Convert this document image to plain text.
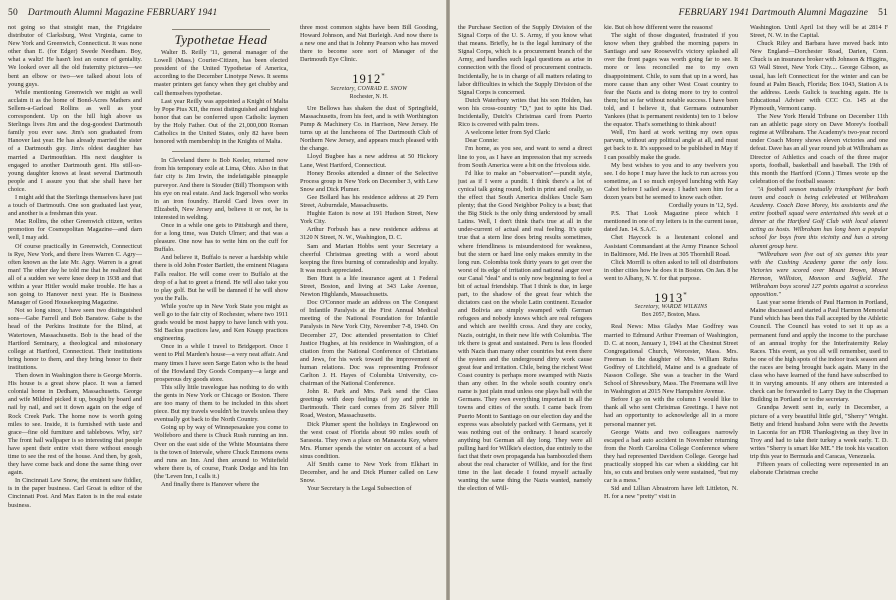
50 Dartmouth Alumni Magazine FEBRUARY 1941

not going so that straight man, the Frigidaire distributor of Clarksburg, West Virginia, came to New York and Greenwich, Connecticut. It was none other than E. (for Edger) Swede Needham. Boy, what a waltz! He hasn't lost an ounce of geniality. We looked over all the old fraternity pictures—we bent an elbow or two—we talked about lots of young guys.

While mentioning Greenwich we might as well acclaim it as the home of Bond-Acres Mathers and Sellem-a-Garload Rollins as well as your correspondent. Up on the hill high above us Sterlings lives Jim and the dog-goodest Dartmouth family you ever saw. Jim's son graduated from Hanover last year. He has already married the sister of a Dartmouth guy. Jim's oldest daughter has married a Dartmouthian. His next daughter is engaged to another Dartmouth gent. His still-so-young daughter knows at least several Dartmouth people and I assure you that she shall have her choice.

I might add that the Sterlings themselves have just a touch of Dartmouth. One son graduated last year, and another is a freshman this year.

Mac Rollins, the other Greenwich citizen, writes promotion for Cosmopolitan Magazine—and darn well, I may add.

Of course practically in Greenwich, Connecticut is Rye, New York, and there lives Warren C. Agry—often known as the late Mr. Agry. Warren is a great man! The other day he told me that he realized that all of a sudden we were knee deep in 1938 and that within a year Hitler would make trouble. He has a son going to Hanover next year. He is Business Manager of Good Housekeeping Magazine.

Not so long since, I have seen two distinguished sons—Gabe Farrell and Bob Banstow. Gabe is the head of the Perkins Institute for the Blind, at Watertown, Massachusetts. Bob is the head of the Hartford Seminary, a theological and missionary college at Hartford, Connecticut. Their institutions bring honor to them, and they bring honor to their institutions.

Then down in Washington there is George Morris. His house is a great show place. It was a famed colonial home in Dedham, Massachusetts. George and wife Mildred picked it up, bought by board and nail by nail, and set it down again on the edge of Rock Creek Park. The home now is worth going miles to see. Inside, it is furnished with taste and grace—fine old furniture and tablebows. Why, sir? The front hall wallpaper is so interesting that people have spent their entire visit there without enough time to see the rest of the house. And then, by gosh, they have come back and done the same thing over again.

In Cincinnati Lew Snow, the eminent saw fiddler, is in the paper business. Carl Groat is editor of the Cincinnati Post. And Max Eaton is in the real estate business.

Typothetae Head

Walter B. Reilly '11, general manager of the Lowell (Mass.) Courier-Citizen, has been elected president of the United Typothetae of America, according to the December Linotype News. It seems master printers get fancy when they get chubby and call themselves typothetae.

Last year Reilly was appointed a Knight of Malta by Pope Pius XII, the most distinguished and highest honor that can be conferred upon Catholic laymen by the Holy Father. Out of the 21,000,000 Roman Catholics in the United States, only 82 have been honored with membership in the Knights of Malta.

In Cleveland there is Bob Keeler, returned now from his temporary exile at Lima, Ohio. Also in that fair city is Jim Irwin, the indefatigable pineapple purveyor. And there is Stouder (Bill) Thompson with his eye on real estate. And Jack Ingersoll who works in an iron foundry. Harold Card lives over in Elizabeth, New Jersey and, believe it or not, he is interested in welding.

Once in a while one gets to Pittsburgh and there, for a long time, was Dutch Ulmer; and that was a pleasure. One now has to write him on the cuff for Buffalo.

And believe it, Buffalo is never a hardship while there is old John Foster Bartlett, the eminent Niagara Falls realtor. He will come over to Buffalo at the drop of a hat to greet a friend. He will also take you to play golf. But he will be damned if he will show you the Falls.

While you're up in New York State you might as well go to the fair city of Rochester, where two 1911 grads would be most happy to have lunch with you. Sid Backus practices law, and Ken Knapp practices engineering.

Once in a while I travel to Bridgeport. Once I went to Phil Marden's house—a very neat affair. And many times I have seen Sarge Eaton who is the head of the Howland Dry Goods Company—a large and prosperous dry goods store.

This silly little travelogue has nothing to do with the gents in New York or Chicago or Boston. There are too many of them to be included in this short piece. But my travels wouldn't be travels unless they eventually got back to the North Country.

Going up by way of Winnepesaukee you come to Wolfeboro and there is Chuck Rush running an inn. Over on the east side of the White Mountains there is the town of Intervale, where Chuck Emmons owns and runs an Inn. And then around to Whitefield where there is, of course, Frank Dodge and his Inn (the 'Leven Inn, I calls it.)

And finally there is Hanover where the

three most common sights have been Bill Gooding, Howard Johnson, and Nat Burleigh. And now there is a new one and that is Johnny Pearson who has moved there to become sore sort of Manager of the Dartmouth Eye Clinic.

1912*
Secretary, CONRAD E. SNOW
Rochester, N. H.

Ure Bellows has shaken the dust of Springfield, Massachusetts, from his feet, and is with Worthington Pump & Machinery Co. in Harrison, New Jersey. He turns up at the luncheons of The Dartmouth Club of Northern New Jersey, and appears much pleased with the change.

Lloyd Bugbee has a new address at 50 Hickory Lane, West Hartford, Connecticut.

Honey Brooks attended a dinner of the Selective Process group in New York on December 3, with Lew Snow and Dick Plumer.

Gee Bollard has his residence address at 29 Fern Street, Auburndale, Massachusetts.

Hughie Eaton is now at 191 Hudson Street, New York City.

Arthur Forbush has a new residence address at 3120 N Street, N. W., Washington, D. C.

Sam and Marian Hobbs sent your Secretary a cheerful Christmas greeting with a word about keeping the fires burning of comradeship and loyalty. It was much appreciated.

Ben Hunt is a life insurance agent at 1 Federal Street, Boston, and living at 343 Lake Avenue, Newton Highlands, Massachusetts.

Doc O'Connor made an address on The Conquest of Infantile Paralysis at the First Annual Medical meeting of the National Foundation for Infantile Paralysis in New York City, November 7-8, 1940. On December 27, Doc attended presentation to Chief Justice Hughes, at his residence in Washington, of a citation from the National Conference of Christians and Jews, for his work toward the improvement of human relations. Doc was representing Professor Carlton J. H. Hayes of Columbia University, co-chairman of the National Conference.

John R. Park and Mrs. Park send the Class greetings with deep feelings of joy and pride in Dartmouth. Their card comes from 26 Silver Hill Road, Weston, Massachusetts.

Dick Plumer spent the holidays in Englewood on the west coast of Florida about 90 miles south of Sarasota. They own a place on Manasota Key, where Mrs. Plumer spends the winter on account of a bad sinus condition.

Alf Smith came to New York from Elkhart in December, and he and Dick Plumer called on Lew Snow.

Your Secretary is the Legal Subsection of

FEBRUARY 1941 Dartmouth Alumni Magazine 51

the Purchase Section of the Supply Division of the Signal Corps of the U. S. Army, if you know what that means. Briefly, he is the legal luminary of the Signal Corps, which is a procurement branch of the Army, and handles such legal questions as arise in connection with the flood of procurement contracts. Incidentally, he is in charge of all matters relating to labor difficulties in which the Supply Division of the Signal Corps is concerned.

Dutch Waterbury writes that his son Holden, has won his cross-country "D," just to spite his Dad. Incidentally, Dutch's Christmas card from Puerto Rico is covered with palm trees.

A welcome letter from Syd Clark:

Dear Connie:

I'm home, as you see, and want to send a direct line to you, as I have an impression that my screeds from South America were a bit on the frivolous side.

I'd like to make an "observation"—pundit style, just as if I were a pundit. I think there's a lot of cynical talk going round, both in print and orally, so the effect that South America dislikes Uncle Sam plenty; that the Good Neighbor Policy is a bust; that the Big Stick is the only thing understood by small Latins. Well, I don't think that's true at all in the under-current of actual and real feeling. It's quite true that a stern line does bring results sometimes, where friendliness is misunderstood for weakness, but the stern or hard line only makes enmity in the long run. Colombia took thirty years to get over the worst of its edge of irritation and national anger over our Canal "deal" and is only now beginning to feel a bit of actual friendship. That I think is due, in large part, to the shadow of the great fear which the dictators cast on the whole Latin continent. Ecuador and Bolivia are simply swamped with German refugees and nobody knows which are real refugees and which are twelfth cross. And they are cocky, Nazis, outright, in their new life with Columbia. The irk there is great and sustained. Peru is less flooded with Nazis than many other countries but even there the system and the underground dirty work cause great fear and irritation. Chile, being the richest West Coast country is perhaps more swamped with Nazis than any other. In the whole south country one's name is just plain mud unless one plays ball with the Germans. They own everything important in all the towns and cities of the south. I came back from Puerto Montt to Santiago on our election day and the express was absolutely packed with Germans, yet it was nothing out of the ordinary. I heard scarcely anything but German all day long. They were all pulling hard for Willkie's election, due entirely to the fact that their own propaganda has bamboozled them about the real character of Willkie, and for the first time in the last decade I found myself actually wanting the same thing the Nazis wanted, namely the election of Will-

kie. But oh how different were the reasons!

The sight of those disgusted, frustrated if you know when they grabbed the morning papers in Santiago and saw Roosevelt's victory splashed all over the front pages was worth going far to see. It more or less reconciled me to my own disappointment. Chile, to sum that up in a word, has more cause than any other West Coast country to fear the Nazis and is doing more to try to control them; but so far without notable success. I have been told, and I believe it, that Germans outnumber Yankees (that is permanent residents) ten to 1 below the equator. That's something to think about!

Well, I'm hard at work writing my own opus parvum, without any political angle at all, and must get back to it. It's supposed to be published in May if I can possibly make the grade.

My best wishes to you and to any twelvers you see. I do hope I may have the luck to run across you sometime, as I so much enjoyed lunching with Kay Cabot before I sailed away. I hadn't seen him for a dozen years but he seemed to know each other.

Cordially yours in '12, Syd.

P.S. That Look Magazine piece which I mentioned in one of my letters is in the current issue, dated Jan. 14. S.A.C.

Chet Haycock is a lieutenant colonel and Assistant Commandant at the Army Finance School in Baltimore, Md. He lives at 305 Thornhill Road.

Click Morrill is often asked to tell oil distributors in other cities how he does it in Boston. On Jan. 8 he went to Albany, N. Y. for that purpose.

1913*
Secretary, WARDE WILKINS
Box 2057, Boston, Mass.

Real News: Miss Gladys Mae Godfrey was married to Edmund Arthur Freeman of Washington, D. C. at noon, January 1, 1941 at the Chestnut Street Congregational Church, Worcester, Mass. Mrs. Freeman is the daughter of Mrs. William Rufus Godfrey of Litchfield, Maine and is a graduate of Nasson College. She was a teacher in the Ward School of Shrewsbury, Mass. The Freemans will live in Washington at 2015 New Hampshire Avenue.

Before I go on with the column I would like to thank all who sent Christmas Greetings. I have not had an opportunity to acknowledge all in a more personal manner yet.

George Watts and two colleagues narrowly escaped a bad auto accident in November returning from the North Carolina College Conference where they had represented Davidson College. George had practically stopped his car when a skidding car hit his, so cuts and bruises only were sustained, "but my car is a mess."

Sid and Lillian Abrastrom have left Littleton, N. H. for a new "pretty" visit in

Washington. Until April 1st they will be at 2814 F Street, N. W. in the Capital.

Chuck Riley and Barbara have moved back into New England—Dorchester Road, Darien, Conn. Chuck is an insurance broker with Johnson & Higgins, 63 Wall Street, New York City.... George Gibson, as usual, has left Connecticut for the winter and can be found at Palm Beach, Florida; Box 1043, Station A is the address. Leeds Gulick is teaching again. He is Educational Adviser with CCC Co. 145 at the Plymouth, Vermont camp.

The New York Herald Tribune on December 11th ran an athletic page story on Dave Morey's football regime at Wilbraham. The Academy's two-year record under Coach Morey shows eleven victories and one defeat. Dave has an all year round job at Wilbraham as Director of Athletics and coach of the three major sports, football, basketball and baseball. The 19th of this month the Hartford (Conn.) Times wrote up the celebration of the football season:

"A football season mutually triumphant for both team and coach is being celebrated at Wilbraham Academy. Coach Dave Morey, his assistants and the entire football squad were entertained this week at a dinner at the Hartford Golf Club with local alumni acting as hosts. Wilbraham has long been a popular school for boys from this vicinity and has a strong alumni group here.

"Wilbraham won five out of six games this year with the Cushing Academy game the only loss. Victories were scored over Mount Brown, Mount Hermon, Williston, Monson and Suffield. The Wilbraham boys scored 127 points against a scoreless opposition."

Last year some friends of Paul Harmon in Portland, Maine discussed and started a Paul Harmon Memorial Fund which has been this Fall accepted by the Athletic Council. The Council has voted to set it up as a permanent fund and apply the income to the purchase of an annual trophy for the Interfraternity Relay Races. This event, as you all will remember, used to be one of the high spots of the indoor track season and the races are being brought back again. Many in the class who have learned of the fund have subscribed to it in varying amounts. If any others are interested a check can be forwarded to Larry Day in the Chapman Building in Portland or to the secretary.

Grandpa Jewett sent in, early in December, a picture of a very beautiful little girl, "Sherry" Wright. Betty and friend husband John were with the Jewetts in Laconia for an FDR Thanksgiving as they live in Troy and had to take their turkey a week early. T. D. writes "Sherry is smart like ME." He took his vacation trip this year to Bermuda and Caracas, Venezuela.

Fifteen years of collecting were represented in an elaborate Christmas creche
